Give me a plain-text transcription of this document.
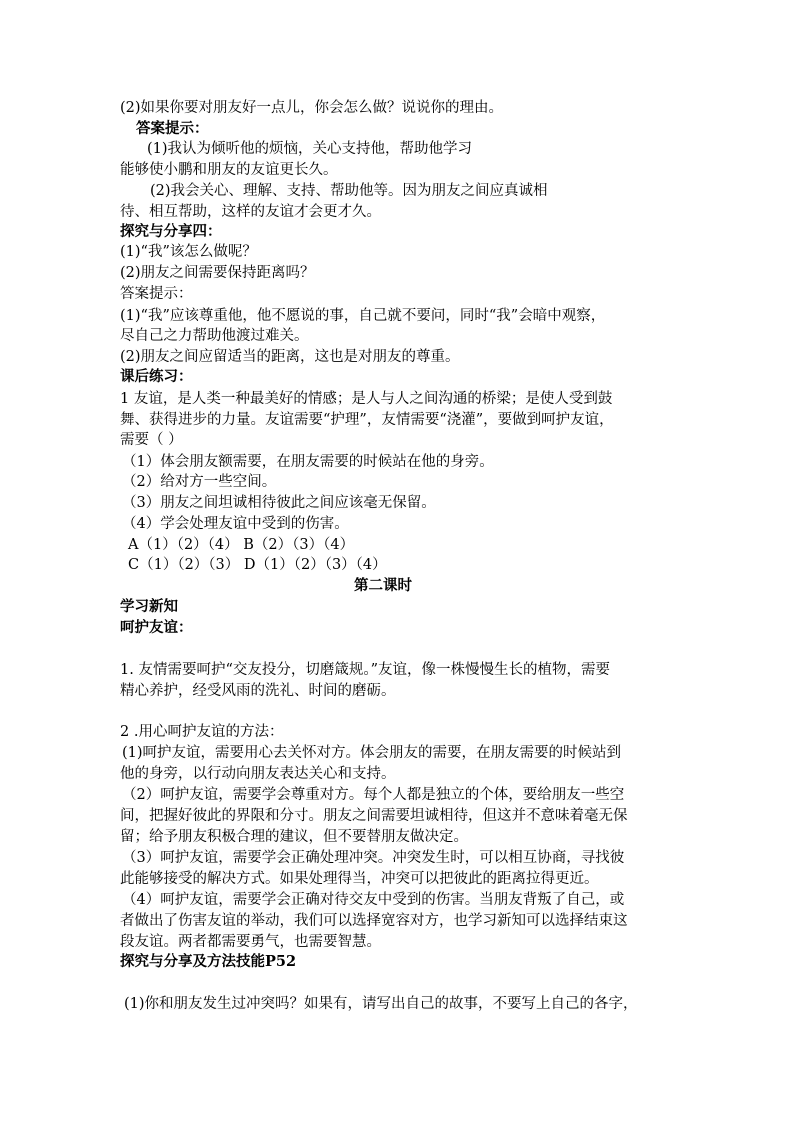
(2)如果你要对朋友好一点儿，你会怎么做？说说你的理由。
答案提示：
(1)我认为倾听他的烦恼，关心支持他，帮助他学习
能够使小鹏和朋友的友谊更长久。
(2)我会关心、理解、支持、帮助他等。因为朋友之间应真诚相
待、相互帮助，这样的友谊才会更才久。
探究与分享四：
(1)“我”该怎么做呢？
(2)朋友之间需要保持距离吗？
答案提示：
(1)“我”应该尊重他，他不愿说的事，自己就不要问，同时“我”会暗中观察，
尽自己之力帮助他渡过难关。
(2)朋友之间应留适当的距离，这也是对朋友的尊重。
课后练习：
1 友谊，是人类一种最美好的情感；是人与人之间沟通的桥梁；是使人受到鼓
舞、获得进步的力量。友谊需要“护理”，友情需要“浇灌”，要做到呵护友谊，
需要（ ）
（1）体会朋友额需要，在朋友需要的时候站在他的身旁。
（2）给对方一些空间。
（3）朋友之间坦诚相待彼此之间应该毫无保留。
（4）学会处理友谊中受到的伤害。
A（1）（2）（4） B（2）（3）（4）
C（1）（2）（3） D（1）（2）（3）（4）
第二课时
学习新知
呵护友谊：
1. 友情需要呵护“交友投分，切磨箴规。”友谊，像一株慢慢生长的植物，需要
精心养护，经受风雨的洗礼、时间的磨砺。
2 .用心呵护友谊的方法：
(1)呵护友谊，需要用心去关怀对方。体会朋友的需要，在朋友需要的时候站到
他的身旁，以行动向朋友表达关心和支持。
（2）呵护友谊，需要学会尊重对方。每个人都是独立的个体，要给朋友一些空
间，把握好彼此的界限和分寸。朋友之间需要坦诚相待，但这并不意味着毫无保
留；给予朋友积极合理的建议，但不要替朋友做决定。
（3）呵护友谊，需要学会正确处理冲突。冲突发生时，可以相互协商，寻找彼
此能够接受的解决方式。如果处理得当，冲突可以把彼此的距离拉得更近。
（4）呵护友谊，需要学会正确对待交友中受到的伤害。当朋友背叛了自己，或
者做出了伤害友谊的举动，我们可以选择宽容对方，也学习新知可以选择结束这
段友谊。两者都需要勇气，也需要智慧。
探究与分享及方法技能P52
(1)你和朋友发生过冲突吗？如果有，请写出自己的故事，不要写上自己的各字，
